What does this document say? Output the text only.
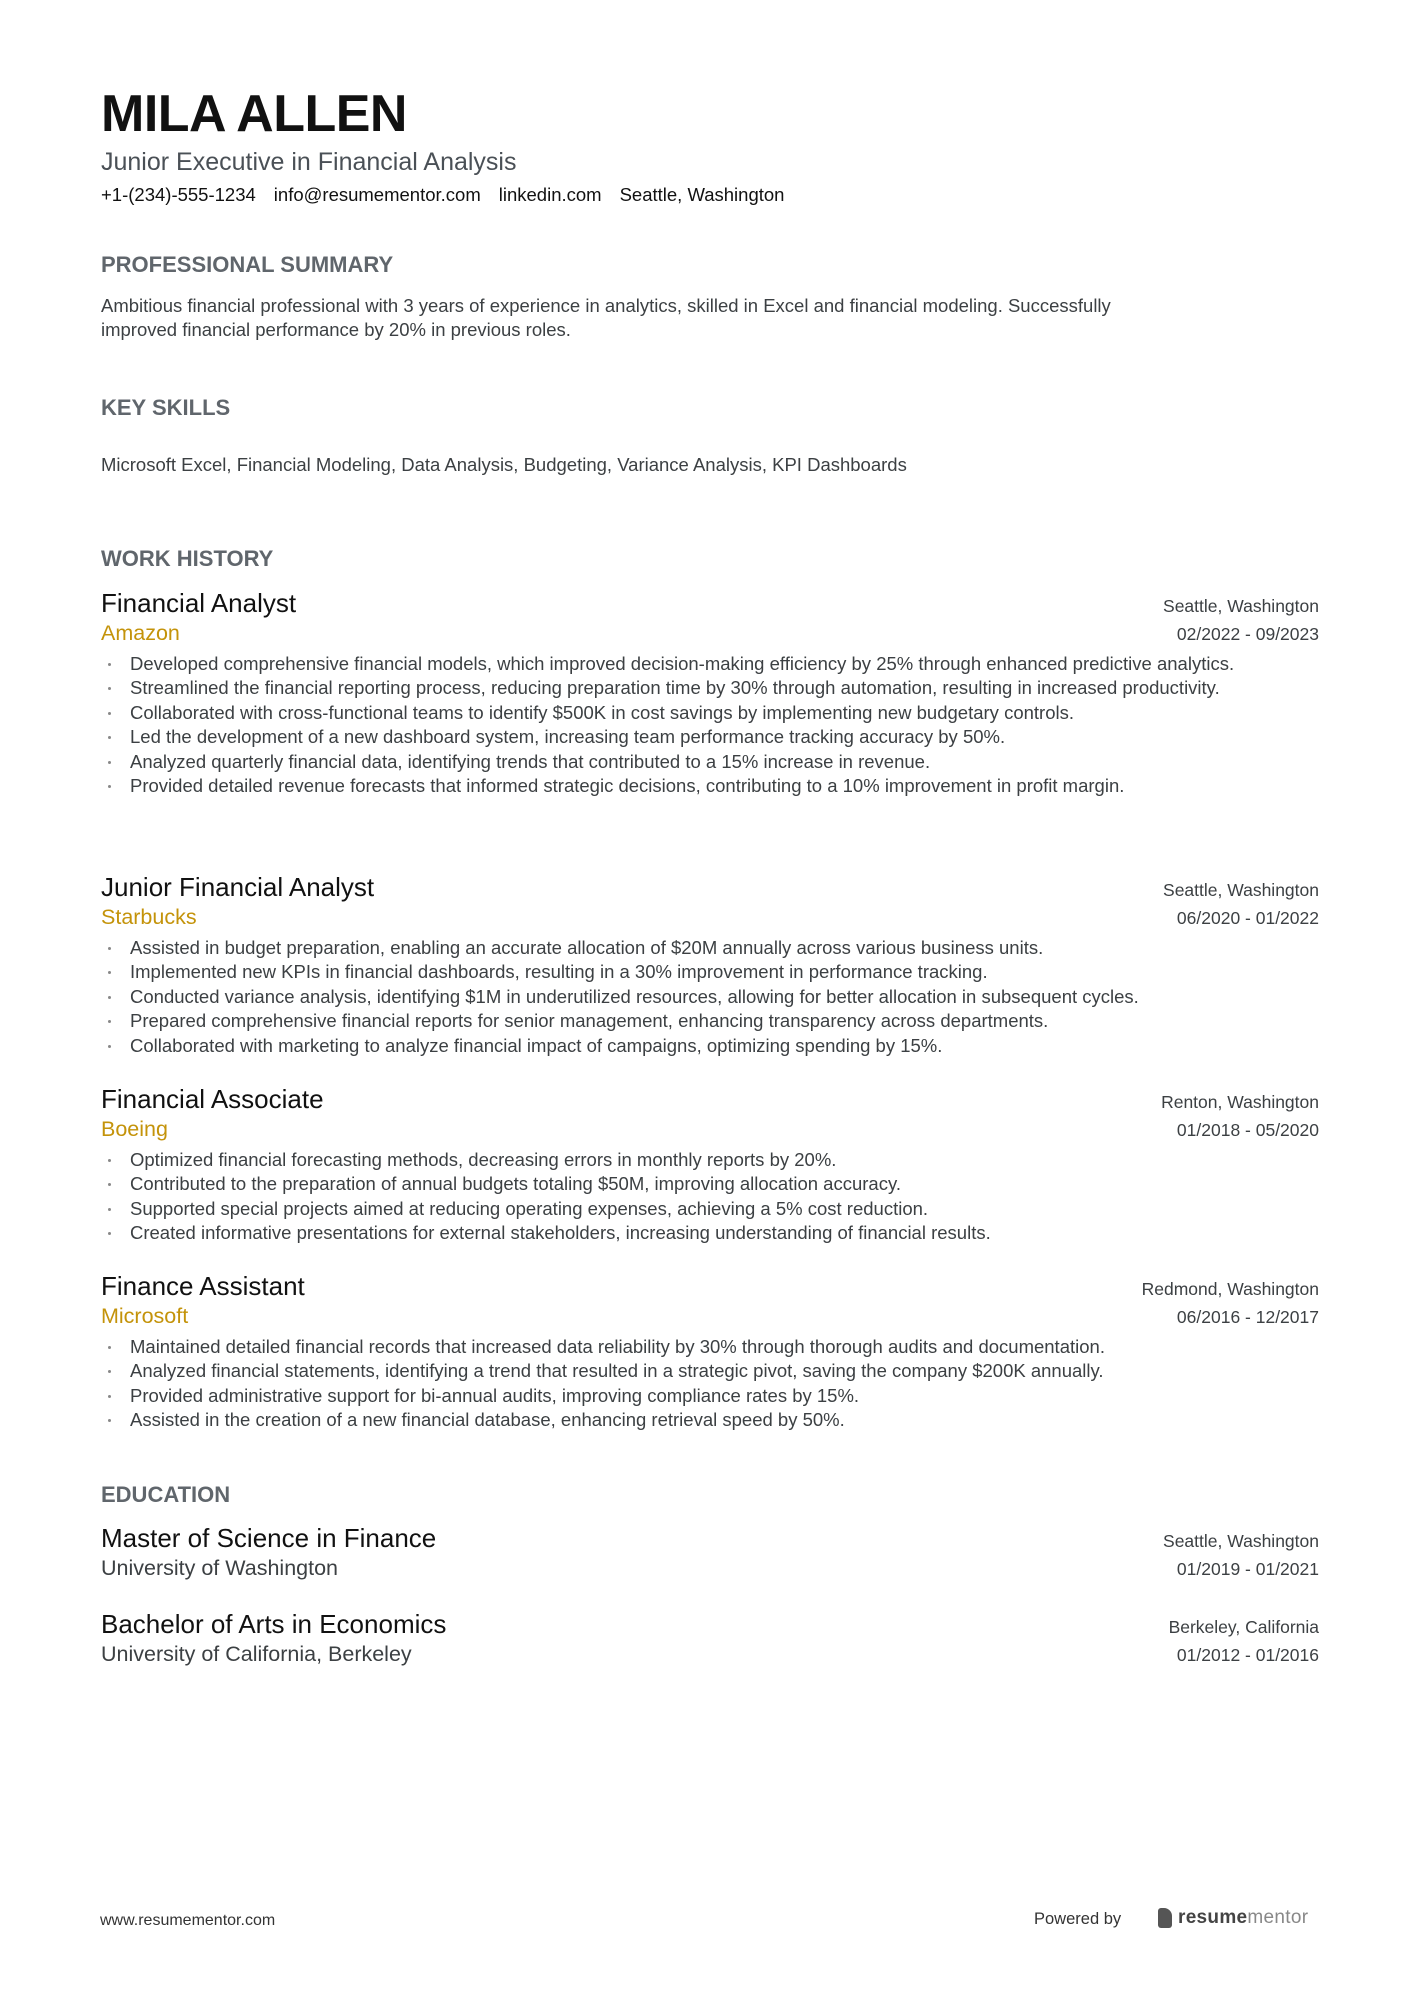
MILA ALLEN
Junior Executive in Financial Analysis
+1-(234)-555-1234 info@resumementor.com linkedin.com Seattle, Washington
PROFESSIONAL SUMMARY
Ambitious financial professional with 3 years of experience in analytics, skilled in Excel and financial modeling. Successfully
improved financial performance by 20% in previous roles.
KEY SKILLS
Microsoft Excel, Financial Modeling, Data Analysis, Budgeting, Variance Analysis, KPI Dashboards
WORK HISTORY
Financial Analyst	Seattle, Washington
Amazon	02/2022 - 09/2023
Developed comprehensive financial models, which improved decision-making efficiency by 25% through enhanced predictive analytics.
Streamlined the financial reporting process, reducing preparation time by 30% through automation, resulting in increased productivity.
Collaborated with cross-functional teams to identify $500K in cost savings by implementing new budgetary controls.
Led the development of a new dashboard system, increasing team performance tracking accuracy by 50%.
Analyzed quarterly financial data, identifying trends that contributed to a 15% increase in revenue.
Provided detailed revenue forecasts that informed strategic decisions, contributing to a 10% improvement in profit margin.
Junior Financial Analyst	Seattle, Washington
Starbucks	06/2020 - 01/2022
Assisted in budget preparation, enabling an accurate allocation of $20M annually across various business units.
Implemented new KPIs in financial dashboards, resulting in a 30% improvement in performance tracking.
Conducted variance analysis, identifying $1M in underutilized resources, allowing for better allocation in subsequent cycles.
Prepared comprehensive financial reports for senior management, enhancing transparency across departments.
Collaborated with marketing to analyze financial impact of campaigns, optimizing spending by 15%.
Financial Associate	Renton, Washington
Boeing	01/2018 - 05/2020
Optimized financial forecasting methods, decreasing errors in monthly reports by 20%.
Contributed to the preparation of annual budgets totaling $50M, improving allocation accuracy.
Supported special projects aimed at reducing operating expenses, achieving a 5% cost reduction.
Created informative presentations for external stakeholders, increasing understanding of financial results.
Finance Assistant	Redmond, Washington
Microsoft	06/2016 - 12/2017
Maintained detailed financial records that increased data reliability by 30% through thorough audits and documentation.
Analyzed financial statements, identifying a trend that resulted in a strategic pivot, saving the company $200K annually.
Provided administrative support for bi-annual audits, improving compliance rates by 15%.
Assisted in the creation of a new financial database, enhancing retrieval speed by 50%.
EDUCATION
Master of Science in Finance	Seattle, Washington
University of Washington	01/2019 - 01/2021
Bachelor of Arts in Economics	Berkeley, California
University of California, Berkeley	01/2012 - 01/2016
www.resumementor.com	Powered by	resume mentor
